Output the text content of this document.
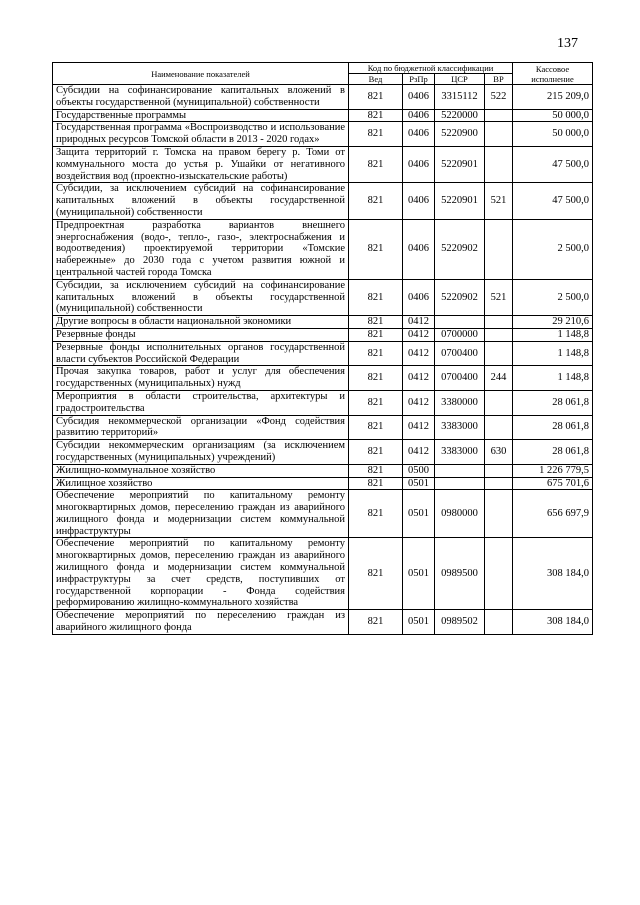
137
Наименование показателей	Код по бюджетной классификации				Кассовое исполнение
	Вед	РзПр	ЦСР	ВР	
Субсидии на софинансирование капитальных вложений в объекты государственной (муниципальной) собственности	821	0406	3315112	522	215 209,0
Государственные программы	821	0406	5220000		50 000,0
Государственная программа «Воспроизводство и использование природных ресурсов Томской области в 2013 - 2020 годах»	821	0406	5220900		50 000,0
Защита территорий г. Томска на правом берегу р. Томи от коммунального моста до устья р. Ушайки от негативного воздействия вод (проектно-изыскательские работы)	821	0406	5220901		47 500,0
Субсидии, за исключением субсидий на софинансирование капитальных вложений в объекты государственной (муниципальной) собственности	821	0406	5220901	521	47 500,0
Предпроектная разработка вариантов внешнего энергоснабжения (водо-, тепло-, газо-, электроснабжения и водоотведения) проектируемой территории «Томские набережные» до 2030 года с учетом развития южной и центральной частей города Томска	821	0406	5220902		2 500,0
Субсидии, за исключением субсидий на софинансирование капитальных вложений в объекты государственной (муниципальной) собственности	821	0406	5220902	521	2 500,0
Другие вопросы в области национальной экономики	821	0412			29 210,6
Резервные фонды	821	0412	0700000		1 148,8
Резервные фонды исполнительных органов государственной власти субъектов Российской Федерации	821	0412	0700400		1 148,8
Прочая закупка товаров, работ и услуг для обеспечения государственных (муниципальных) нужд	821	0412	0700400	244	1 148,8
Мероприятия в области строительства, архитектуры и градостроительства	821	0412	3380000		28 061,8
Субсидия некоммерческой организации «Фонд содействия развитию территорий»	821	0412	3383000		28 061,8
Субсидии некоммерческим организациям (за исключением государственных (муниципальных) учреждений)	821	0412	3383000	630	28 061,8
Жилищно-коммунальное хозяйство	821	0500			1 226 779,5
Жилищное хозяйство	821	0501			675 701,6
Обеспечение мероприятий по капитальному ремонту многоквартирных домов, переселению граждан из аварийного жилищного фонда и модернизации систем коммунальной инфраструктуры	821	0501	0980000		656 697,9
Обеспечение мероприятий по капитальному ремонту многоквартирных домов, переселению граждан из аварийного жилищного фонда и модернизации систем коммунальной инфраструктуры за счет средств, поступивших от государственной корпорации - Фонда содействия реформированию жилищно-коммунального хозяйства	821	0501	0989500		308 184,0
Обеспечение мероприятий по переселению граждан из аварийного жилищного фонда	821	0501	0989502		308 184,0
